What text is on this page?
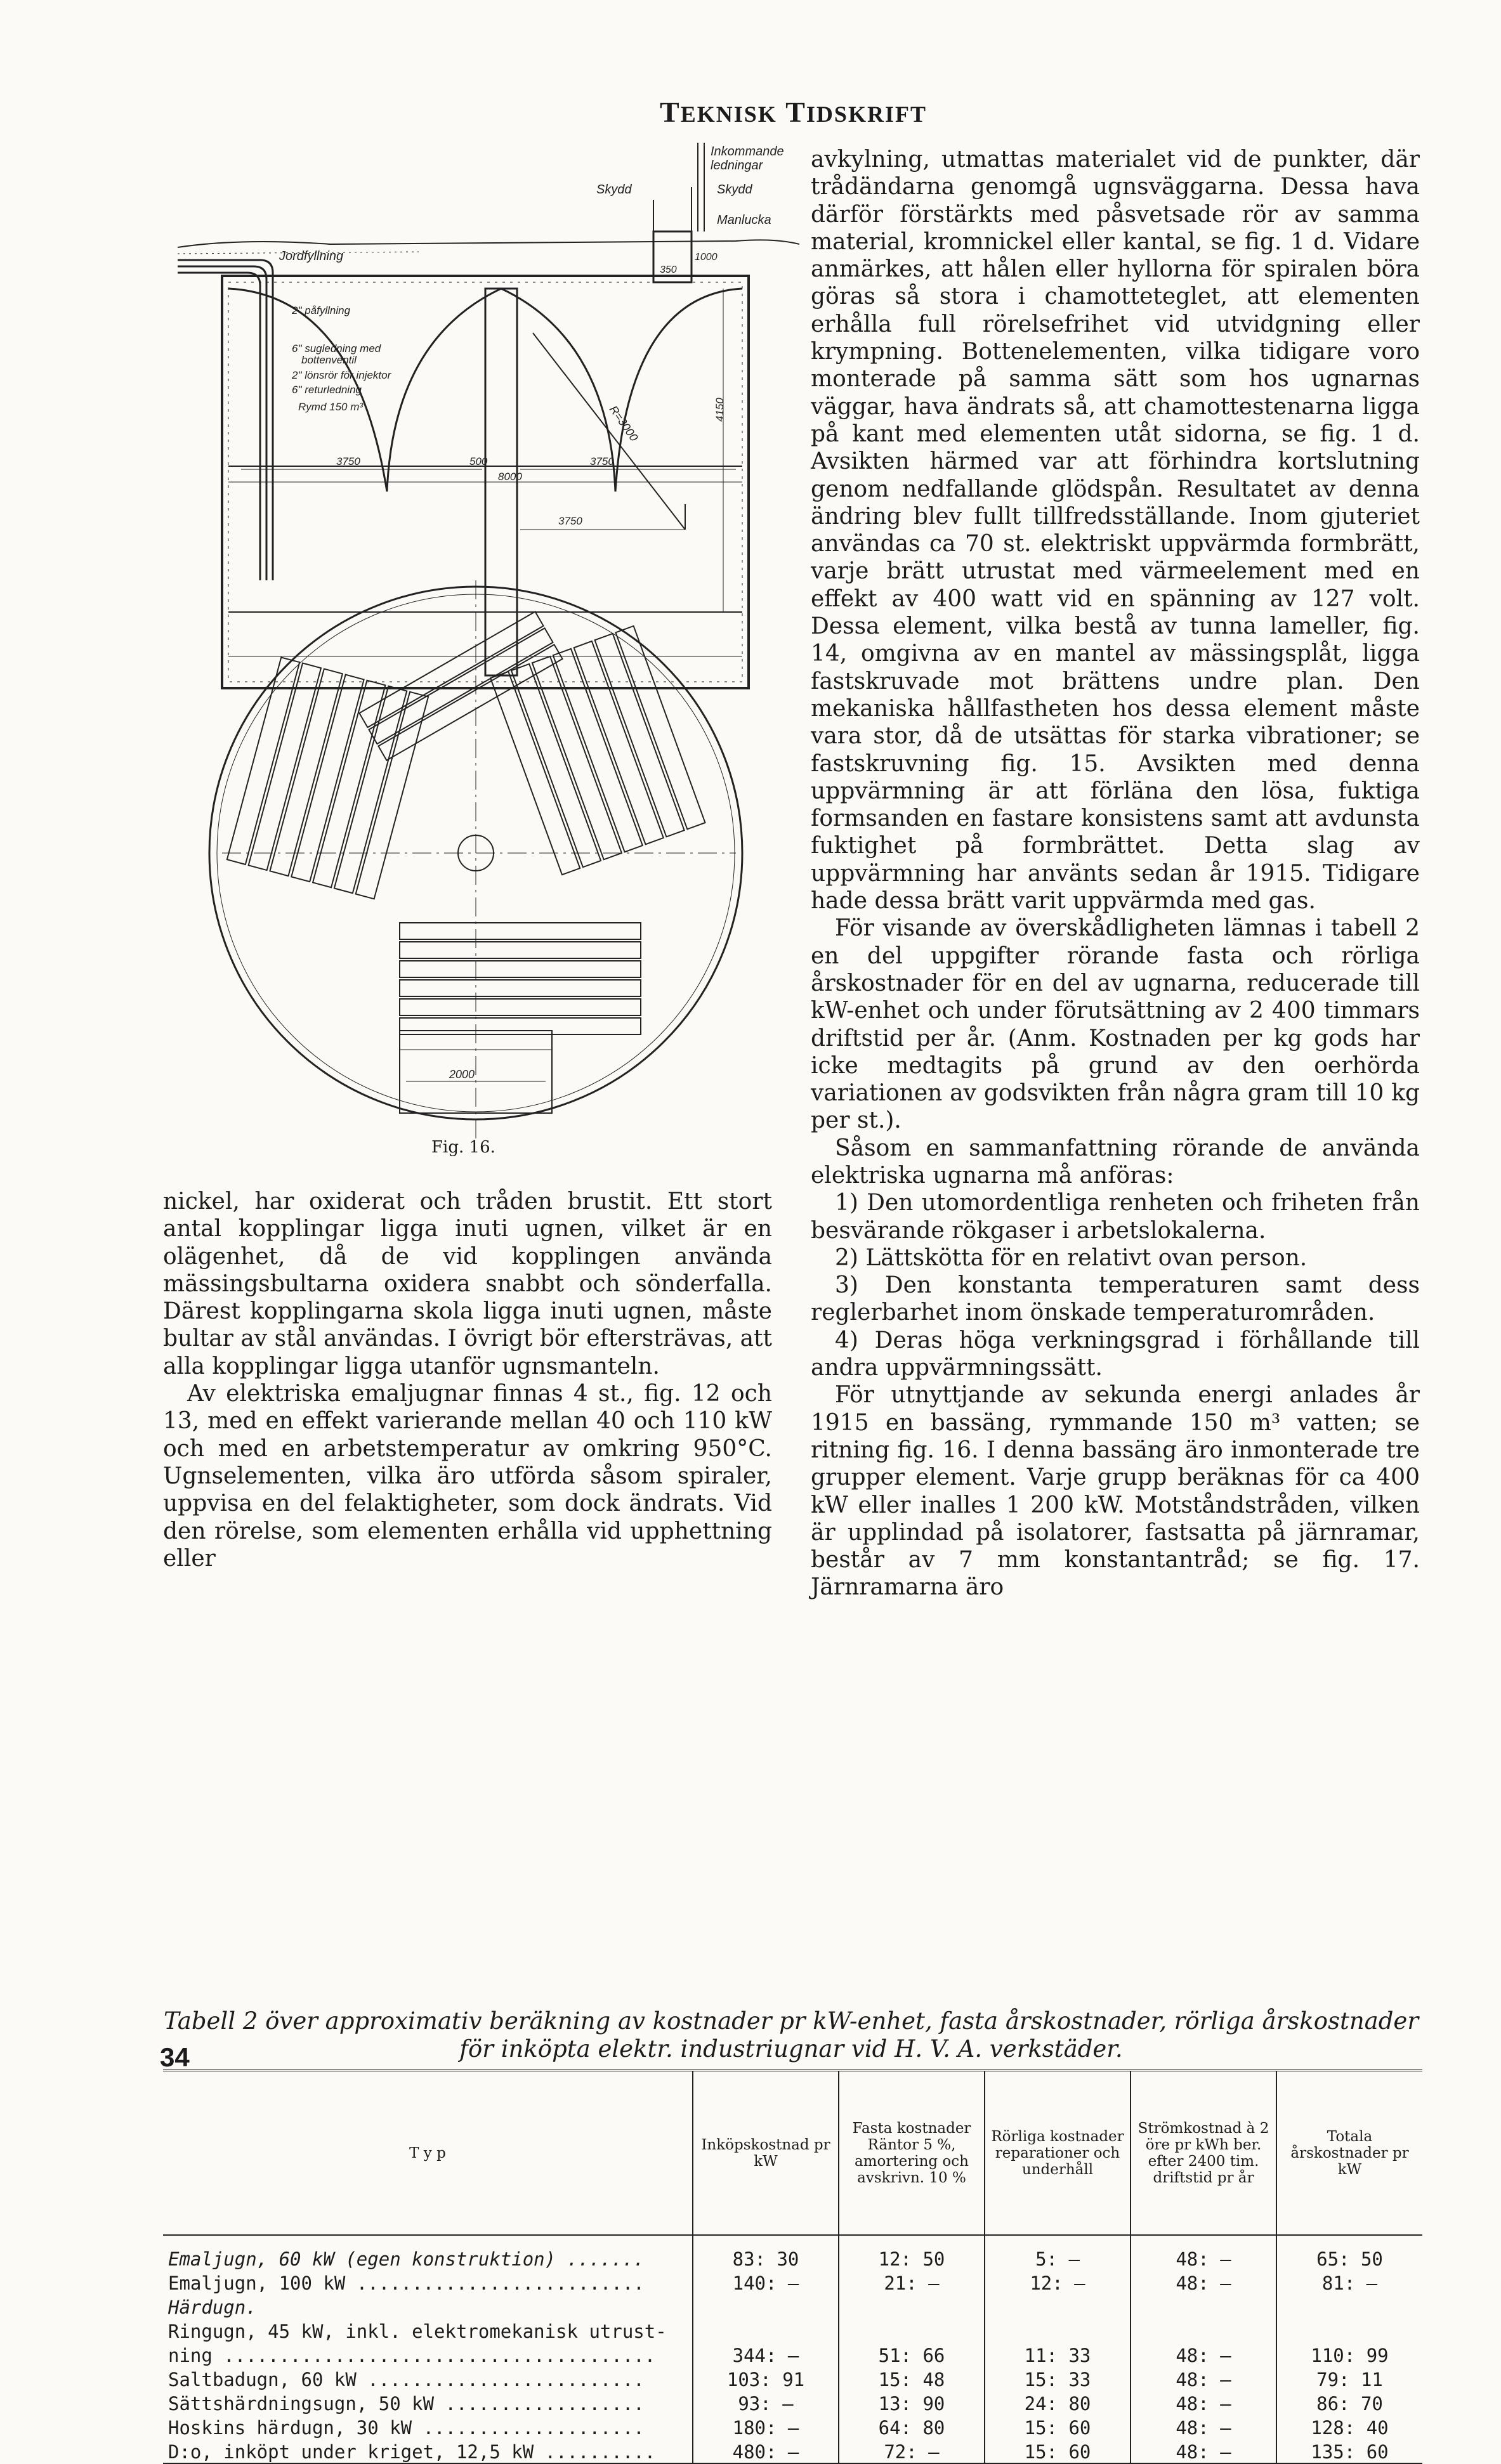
TEKNISK TIDSKRIFT
Skydd
Inkommande
ledningar
Skydd
Manlucka
Jordfyllning
2" påfyllning
6" sugledning med
bottenventil
2" lönsrör för injektor
6" returledning
Rymd 150 m³
1000
350
3750	500
8000
3750
R=3000	4150
3750
2000
Fig. 16.

nickel, har oxiderat och tråden brustit. Ett stort antal kopplingar ligga inuti ugnen, vilket är en olägenhet, då de vid kopplingen använda mässingsbultarna oxidera snabbt och sönderfalla. Därest kopplingarna skola ligga inuti ugnen, måste bultar av stål användas. I övrigt bör eftersträvas, att alla kopplingar ligga utanför ugnsmanteln.

Av elektriska emaljugnar finnas 4 st., fig. 12 och 13, med en effekt varierande mellan 40 och 110 kW och med en arbetstemperatur av omkring 950°C. Ugnselementen, vilka äro utförda såsom spiraler, uppvisa en del felaktigheter, som dock ändrats. Vid den rörelse, som elementen erhålla vid upphettning eller

avkylning, utmattas materialet vid de punkter, där trådändarna genomgå ugnsväggarna. Dessa hava därför förstärkts med påsvetsade rör av samma material, kromnickel eller kantal, se fig. 1 d. Vidare anmärkes, att hålen eller hyllorna för spiralen böra göras så stora i chamotteteglet, att elementen erhålla full rörelsefrihet vid utvidgning eller krympning. Bottenelementen, vilka tidigare voro monterade på samma sätt som hos ugnarnas väggar, hava ändrats så, att chamottestenarna ligga på kant med elementen utåt sidorna, se fig. 1 d. Avsikten härmed var att förhindra kortslutning genom nedfallande glödspån. Resultatet av denna ändring blev fullt tillfredsställande. Inom gjuteriet användas ca 70 st. elektriskt uppvärmda formbrätt, varje brätt utrustat med värmeelement med en effekt av 400 watt vid en spänning av 127 volt. Dessa element, vilka bestå av tunna lameller, fig. 14, omgivna av en mantel av mässingsplåt, ligga fastskruvade mot brättens undre plan. Den mekaniska hållfastheten hos dessa element måste vara stor, då de utsättas för starka vibrationer; se fastskruvning fig. 15. Avsikten med denna uppvärmning är att förläna den lösa, fuktiga formsanden en fastare konsistens samt att avdunsta fuktighet på formbrättet. Detta slag av uppvärmning har använts sedan år 1915. Tidigare hade dessa brätt varit uppvärmda med gas.

För visande av överskådligheten lämnas i tabell 2 en del uppgifter rörande fasta och rörliga årskostnader för en del av ugnarna, reducerade till kW-enhet och under förutsättning av 2 400 timmars driftstid per år. (Anm. Kostnaden per kg gods har icke medtagits på grund av den oerhörda variationen av godsvikten från några gram till 10 kg per st.).

Såsom en sammanfattning rörande de använda elektriska ugnarna må anföras:

1) Den utomordentliga renheten och friheten från besvärande rökgaser i arbetslokalerna.

2) Lättskötta för en relativt ovan person.

3) Den konstanta temperaturen samt dess reglerbarhet inom önskade temperaturområden.

4) Deras höga verkningsgrad i förhållande till andra uppvärmningssätt.

För utnyttjande av sekunda energi anlades år 1915 en bassäng, rymmande 150 m³ vatten; se ritning fig. 16. I denna bassäng äro inmonterade tre grupper element. Varje grupp beräknas för ca 400 kW eller inalles 1 200 kW. Motståndstråden, vilken är upplindad på isolatorer, fastsatta på järnramar, består av 7 mm konstantantråd; se fig. 17. Järnramarna äro

Tabell 2 över approximativ beräkning av kostnader pr kW-enhet, fasta årskostnader, rörliga årskostnader
för inköpta elektr. industriugnar vid H. V. A. verkstäder.
T y p	Inköpskostnad pr kW	Fasta kostnader Räntor 5 %, amortering och avskrivn. 10 %	Rörliga kostnader reparationer och underhåll	Strömkostnad à 2 öre pr kWh ber. efter 2400 tim. driftstid pr år	Totala årskostnader pr kW

Emaljugn, 60 kW (egen konstruktion) .......	83: 30	12: 50	5: —	48: —	65: 50
Emaljugn, 100 kW ..........................	140: —	21: —	12: —	48: —	81: —
Härdugn.					
Ringugn, 45 kW, inkl. elektromekanisk utrust-					
ning .......................................	344: —	51: 66	11: 33	48: —	110: 99
Saltbadugn, 60 kW .........................	103: 91	15: 48	15: 33	48: —	79: 11
Sättshärdningsugn, 50 kW ..................	93: —	13: 90	24: 80	48: —	86: 70
Hoskins härdugn, 30 kW ....................	180: —	64: 80	15: 60	48: —	128: 40
D:o, inköpt under kriget, 12,5 kW ..........	480: —	72: —	15: 60	48: —	135: 60
34
